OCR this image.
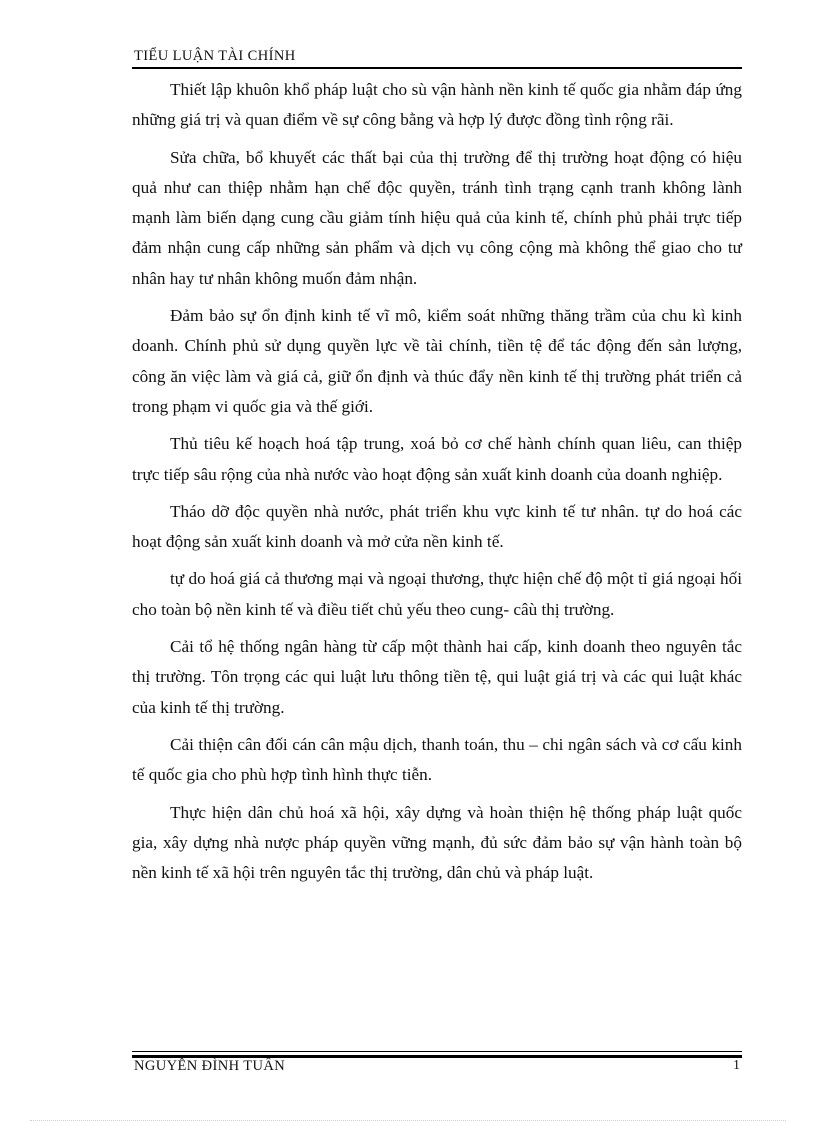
TIỂU LUẬN TÀI CHÍNH

Thiết lập khuôn khổ pháp luật cho sù vận hành nền kinh tế quốc gia nhằm đáp ứng những giá trị và quan điểm về sự công bằng và hợp lý được đồng tình rộng rãi.

Sửa chữa, bổ khuyết các thất bại của thị trường để thị trường hoạt động có hiệu quả như can thiệp nhằm hạn chế độc quyền, tránh tình trạng cạnh tranh không lành mạnh làm biến dạng cung cầu giảm tính hiệu quả của kinh tế, chính phủ phải trực tiếp đảm nhận cung cấp những sản phẩm và dịch vụ công cộng mà không thể giao cho tư nhân hay tư nhân không muốn đảm nhận.

Đảm bảo sự ổn định kinh tế vĩ mô, kiểm soát những thăng trầm của chu kì kinh doanh. Chính phủ sử dụng quyền lực về tài chính, tiền tệ để tác động đến sản lượng, công ăn việc làm và giá cả, giữ ổn định và thúc đẩy nền kinh tế thị trường phát triển cả trong phạm vi quốc gia và thế giới.

Thủ tiêu kế hoạch hoá tập trung, xoá bỏ cơ chế hành chính quan liêu, can thiệp trực tiếp sâu rộng của nhà nước vào hoạt động sản xuất kinh doanh của doanh nghiệp.

Tháo dỡ độc quyền nhà nước, phát triển khu vực kinh tế tư nhân. tự do hoá các hoạt động sản xuất kinh doanh và mở cửa nền kinh tế.

tự do hoá giá cả thương mại và ngoại thương, thực hiện chế độ một tỉ giá ngoại hối cho toàn bộ nền kinh tế và điều tiết chủ yếu theo cung- câù thị trường.

Cải tổ hệ thống ngân hàng từ cấp một thành hai cấp, kinh doanh theo nguyên tắc thị trường. Tôn trọng các qui luật lưu thông tiền tệ, qui luật giá trị và các qui luật khác của kinh tế thị trường.

Cải thiện cân đối cán cân mậu dịch, thanh toán, thu – chi ngân sách và cơ cấu kinh tế quốc gia cho phù hợp tình hình thực tiễn.

Thực hiện dân chủ hoá xã hội, xây dựng và hoàn thiện hệ thống pháp luật quốc gia, xây dựng nhà nược pháp quyền vững mạnh, đủ sức đảm bảo sự vận hành toàn bộ nền kinh tế xã hội trên nguyên tắc thị trường, dân chủ và pháp luật.

NGUYỄN ĐÌNH TUẤN	1
